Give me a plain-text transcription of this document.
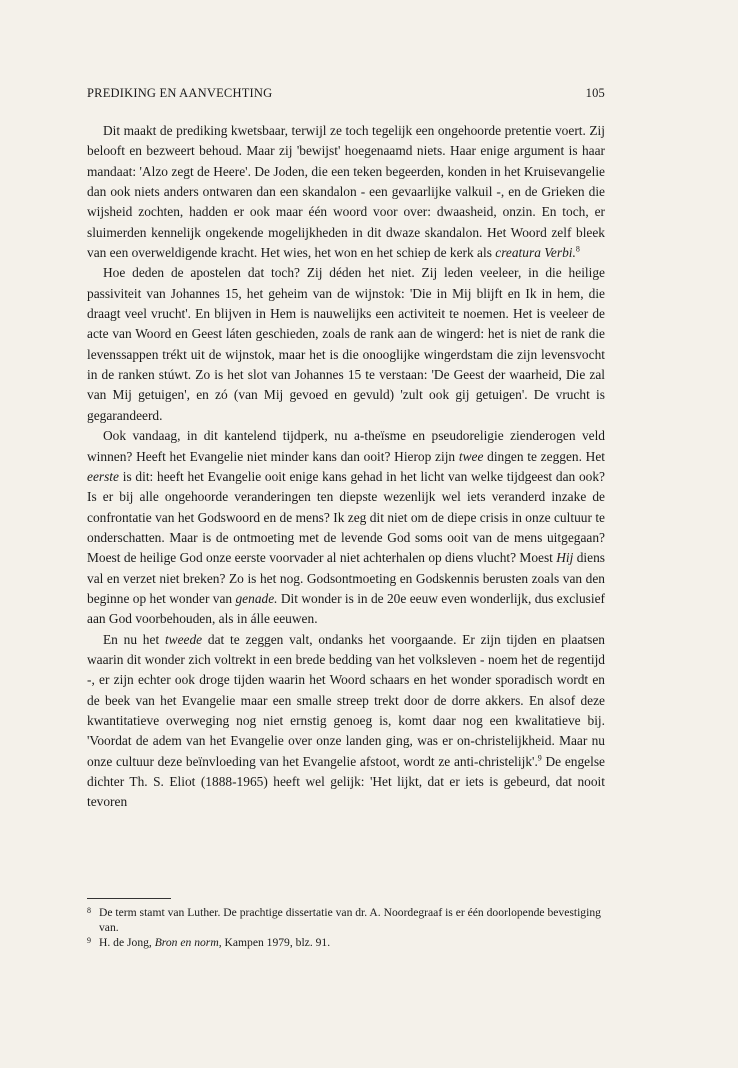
PREDIKING EN AANVECHTING	105

Dit maakt de prediking kwetsbaar, terwijl ze toch tegelijk een ongehoorde pretentie voert. Zij belooft en bezweert behoud. Maar zij 'bewijst' hoegenaamd niets. Haar enige argument is haar mandaat: 'Alzo zegt de Heere'. De Joden, die een teken begeerden, konden in het Kruisevangelie dan ook niets anders ontwaren dan een skandalon - een gevaarlijke valkuil -, en de Grieken die wijsheid zochten, hadden er ook maar één woord voor over: dwaasheid, onzin. En toch, er sluimerden kennelijk ongekende mogelijkheden in dit dwaze skandalon. Het Woord zelf bleek van een overweldigende kracht. Het wies, het won en het schiep de kerk als creatura Verbi.$^8$

Hoe deden de apostelen dat toch? Zij déden het niet. Zij leden veeleer, in die heilige passiviteit van Johannes 15, het geheim van de wijnstok: 'Die in Mij blijft en Ik in hem, die draagt veel vrucht'. En blijven in Hem is nauwelijks een activiteit te noemen. Het is veeleer de acte van Woord en Geest láten geschieden, zoals de rank aan de wingerd: het is niet de rank die levenssappen trékt uit de wijnstok, maar het is die onooglijke wingerdstam die zijn levensvocht in de ranken stúwt. Zo is het slot van Johannes 15 te verstaan: 'De Geest der waarheid, Die zal van Mij getuigen', en zó (van Mij gevoed en gevuld) 'zult ook gij getuigen'. De vrucht is gegarandeerd.

Ook vandaag, in dit kantelend tijdperk, nu a-theïsme en pseudoreligie zienderogen veld winnen? Heeft het Evangelie niet minder kans dan ooit? Hierop zijn twee dingen te zeggen. Het eerste is dit: heeft het Evangelie ooit enige kans gehad in het licht van welke tijdgeest dan ook? Is er bij alle ongehoorde veranderingen ten diepste wezenlijk wel iets veranderd inzake de confrontatie van het Godswoord en de mens? Ik zeg dit niet om de diepe crisis in onze cultuur te onderschatten. Maar is de ontmoeting met de levende God soms ooit van de mens uitgegaan? Moest de heilige God onze eerste voorvader al niet achterhalen op diens vlucht? Moest Hij diens val en verzet niet breken? Zo is het nog. Godsontmoeting en Godskennis berusten zoals van den beginne op het wonder van genade. Dit wonder is in de 20e eeuw even wonderlijk, dus exclusief aan God voorbehouden, als in álle eeuwen.

En nu het tweede dat te zeggen valt, ondanks het voorgaande. Er zijn tijden en plaatsen waarin dit wonder zich voltrekt in een brede bedding van het volksleven - noem het de regentijd -, er zijn echter ook droge tijden waarin het Woord schaars en het wonder sporadisch wordt en de beek van het Evangelie maar een smalle streep trekt door de dorre akkers. En alsof deze kwantitatieve overweging nog niet ernstig genoeg is, komt daar nog een kwalitatieve bij. 'Voordat de adem van het Evangelie over onze landen ging, was er on-christelijkheid. Maar nu onze cultuur deze beïnvloeding van het Evangelie afstoot, wordt ze anti-christelijk'.$^9$ De engelse dichter Th. S. Eliot (1888-1965) heeft wel gelijk: 'Het lijkt, dat er iets is gebeurd, dat nooit tevoren

8 De term stamt van Luther. De prachtige dissertatie van dr. A. Noordegraaf is er één doorlopende bevestiging van.
9 H. de Jong, Bron en norm, Kampen 1979, blz. 91.
